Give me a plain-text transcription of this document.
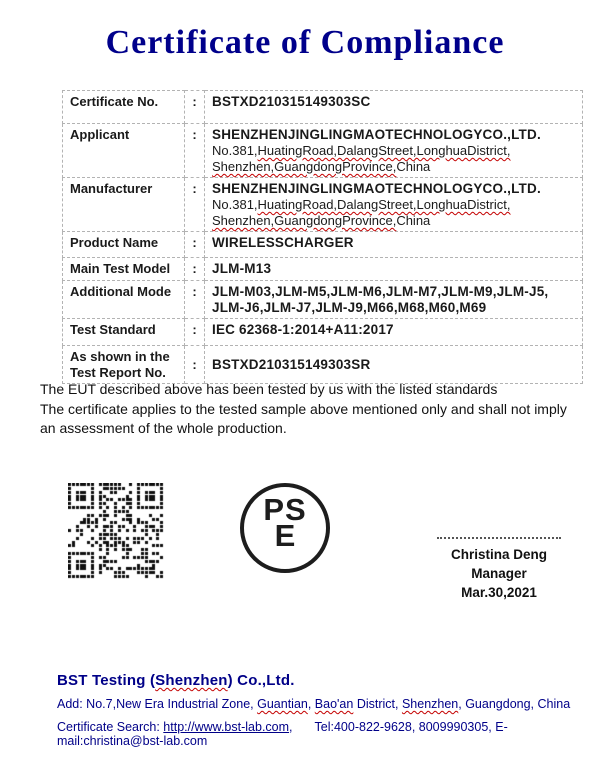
Certificate of Compliance
Certificate No.	:	BSTXD210315149303SC

Applicant	:	SHENZHENJINGLINGMAOTECHNOLOGYCO.,LTD.
No.381,HuatingRoad,DalangStreet,LonghuaDistrict,
Shenzhen,GuangdongProvince,China

Manufacturer	:	SHENZHENJINGLINGMAOTECHNOLOGYCO.,LTD.
No.381,HuatingRoad,DalangStreet,LonghuaDistrict,
Shenzhen,GuangdongProvince,China

Product Name	:	WIRELESSCHARGER

Main Test Model	:	JLM-M13

Additional Mode	:	JLM-M03,JLM-M5,JLM-M6,JLM-M7,JLM-M9,JLM-J5,
JLM-J6,JLM-J7,JLM-J9,M66,M68,M60,M69

Test Standard	:	IEC 62368-1:2014+A11:2017

As shown in the Test Report No.	:	BSTXD210315149303SR
The EUT described above has been tested by us with the listed standards
The certificate applies to the tested sample above mentioned only and shall not imply
an assessment of the whole production.
PS
E
Christina Deng
Manager
Mar.30,2021
BST Testing (Shenzhen) Co.,Ltd.
Add: No.7,New Era Industrial Zone, Guantian, Bao'an District, Shenzhen, Guangdong, China
Certificate Search: http://www.bst-lab.com, Tel:400-822-9628, 8009990305, E-mail:christina@bst-lab.com
